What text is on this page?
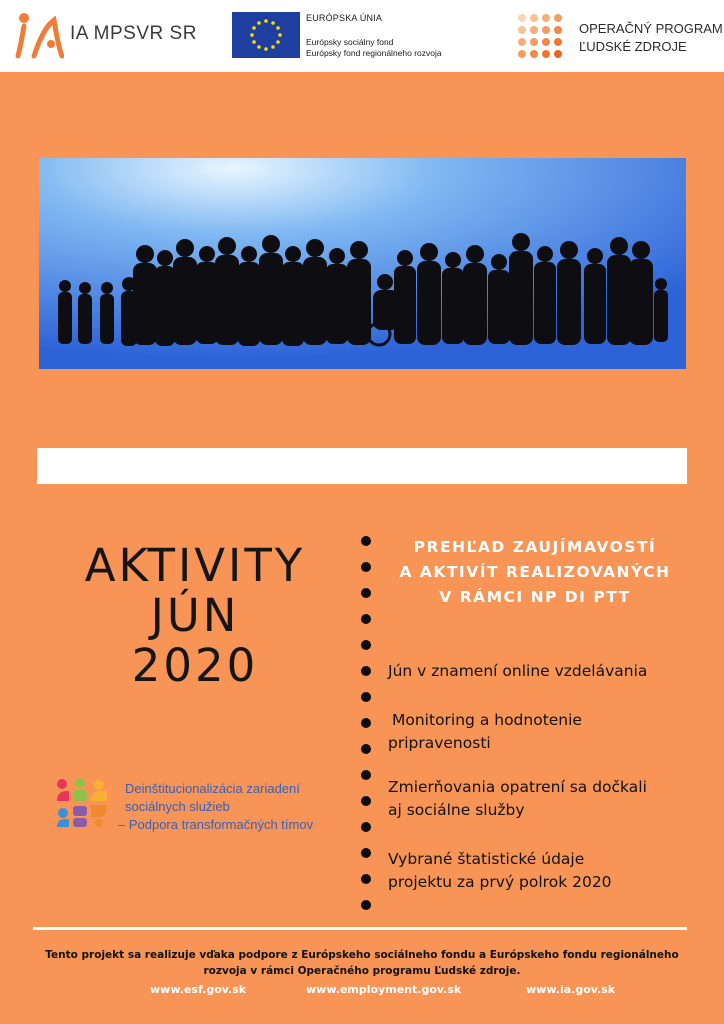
IA MPSVR SR
EURÓPSKA ÚNIA
Európsky sociálny fond
Európsky fond regionálneho rozvoja
OPERAČNÝ PROGRAM
ĽUDSKÉ ZDROJE
AKTIVITY
JÚN
2020
PREHĽAD ZAUJÍMAVOSTÍ
A AKTIVÍT REALIZOVANÝCH
V RÁMCI NP DI PTT
Jún v znamení online vzdelávania
Monitoring a hodnotenie
pripravenosti
Zmierňovania opatrení sa dočkali
aj sociálne služby
Vybrané štatistické údaje
projektu za prvý polrok 2020
Deinštitucionalizácia zariadení
sociálnych služieb
– Podpora transformačných tímov
Tento projekt sa realizuje vďaka podpore z Európskeho sociálneho fondu a Európskeho fondu regionálneho
rozvoja v rámci Operačného programu Ľudské zdroje.
www.esf.gov.sk	www.employment.gov.sk	www.ia.gov.sk
